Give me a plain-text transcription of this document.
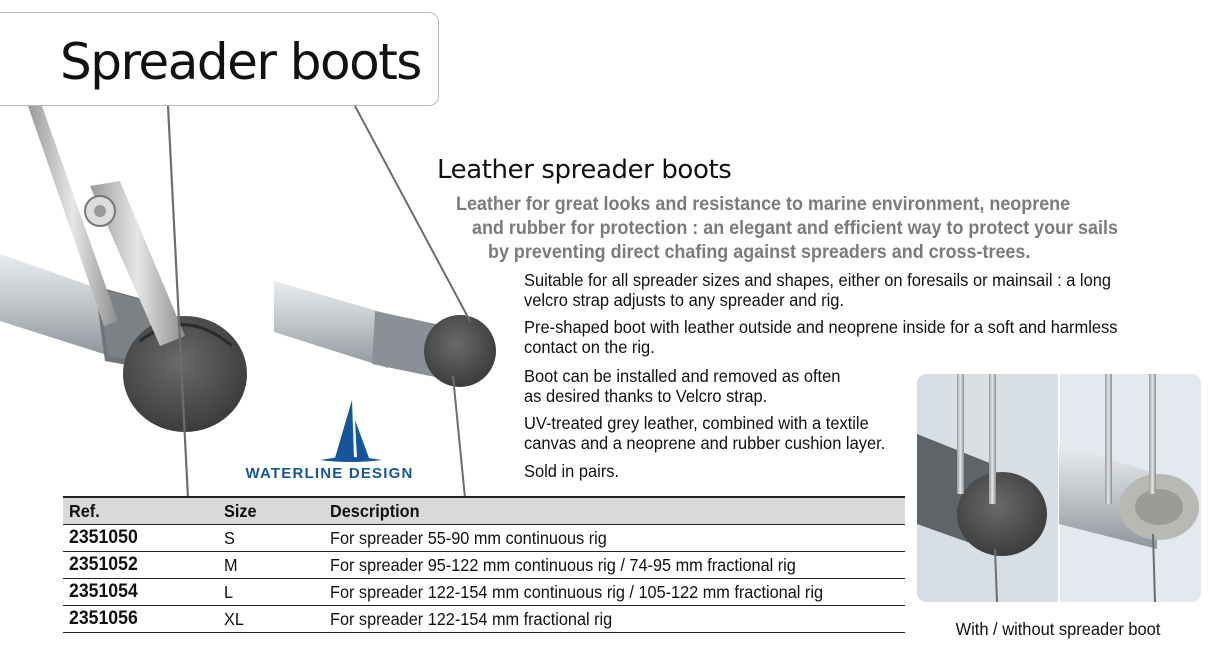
Spreader boots
WATERLINE DESIGN
Leather spreader boots
Leather for great looks and resistance to marine environment, neoprene
and rubber for protection : an elegant and efficient way to protect your sails
by preventing direct chafing against spreaders and cross-trees.
Suitable for all spreader sizes and shapes, either on foresails or mainsail : a long
velcro strap adjusts to any spreader and rig.
Pre-shaped boot with leather outside and neoprene inside for a soft and harmless
contact on the rig.
Boot can be installed and removed as often
as desired thanks to Velcro strap.
UV-treated grey leather, combined with a textile
canvas and a neoprene and rubber cushion layer.
Sold in pairs.
With / without spreader boot
Ref.	Size	Description
2351050	S	For spreader 55-90 mm continuous rig
2351052	M	For spreader 95-122 mm continuous rig / 74-95 mm fractional rig
2351054	L	For spreader 122-154 mm continuous rig / 105-122 mm fractional rig
2351056	XL	For spreader 122-154 mm fractional rig
